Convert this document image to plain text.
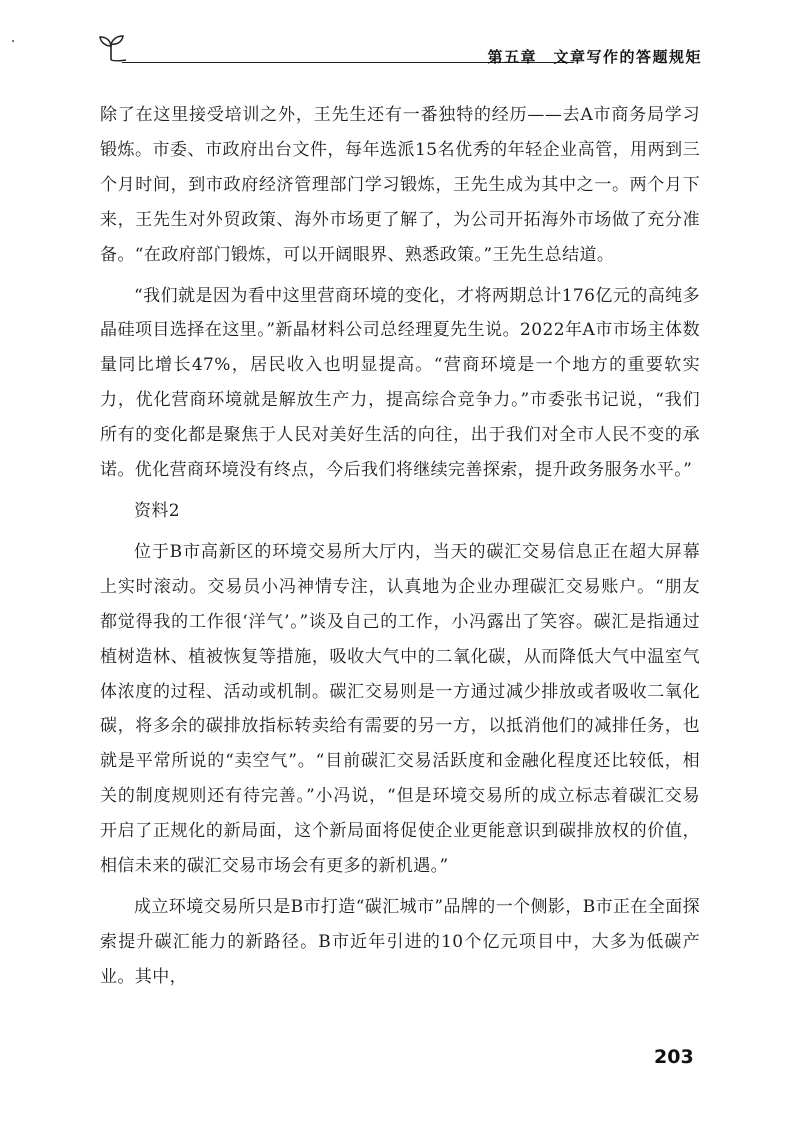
第五章　文章写作的答题规矩

除了在这里接受培训之外，王先生还有一番独特的经历——去A市商务局学习锻炼。市委、市政府出台文件，每年选派15名优秀的年轻企业高管，用两到三个月时间，到市政府经济管理部门学习锻炼，王先生成为其中之一。两个月下来，王先生对外贸政策、海外市场更了解了，为公司开拓海外市场做了充分准备。“在政府部门锻炼，可以开阔眼界、熟悉政策。”王先生总结道。

“我们就是因为看中这里营商环境的变化，才将两期总计176亿元的高纯多晶硅项目选择在这里。”新晶材料公司总经理夏先生说。2022年A市市场主体数量同比增长47%，居民收入也明显提高。“营商环境是一个地方的重要软实力，优化营商环境就是解放生产力，提高综合竞争力。”市委张书记说，“我们所有的变化都是聚焦于人民对美好生活的向往，出于我们对全市人民不变的承诺。优化营商环境没有终点，今后我们将继续完善探索，提升政务服务水平。”

资料2

位于B市高新区的环境交易所大厅内，当天的碳汇交易信息正在超大屏幕上实时滚动。交易员小冯神情专注，认真地为企业办理碳汇交易账户。“朋友都觉得我的工作很‘洋气’。”谈及自己的工作，小冯露出了笑容。碳汇是指通过植树造林、植被恢复等措施，吸收大气中的二氧化碳，从而降低大气中温室气体浓度的过程、活动或机制。碳汇交易则是一方通过减少排放或者吸收二氧化碳，将多余的碳排放指标转卖给有需要的另一方，以抵消他们的减排任务，也就是平常所说的“卖空气”。“目前碳汇交易活跃度和金融化程度还比较低，相关的制度规则还有待完善。”小冯说，“但是环境交易所的成立标志着碳汇交易开启了正规化的新局面，这个新局面将促使企业更能意识到碳排放权的价值，相信未来的碳汇交易市场会有更多的新机遇。”

成立环境交易所只是B市打造“碳汇城市”品牌的一个侧影，B市正在全面探索提升碳汇能力的新路径。B市近年引进的10个亿元项目中，大多为低碳产业。其中，

203
